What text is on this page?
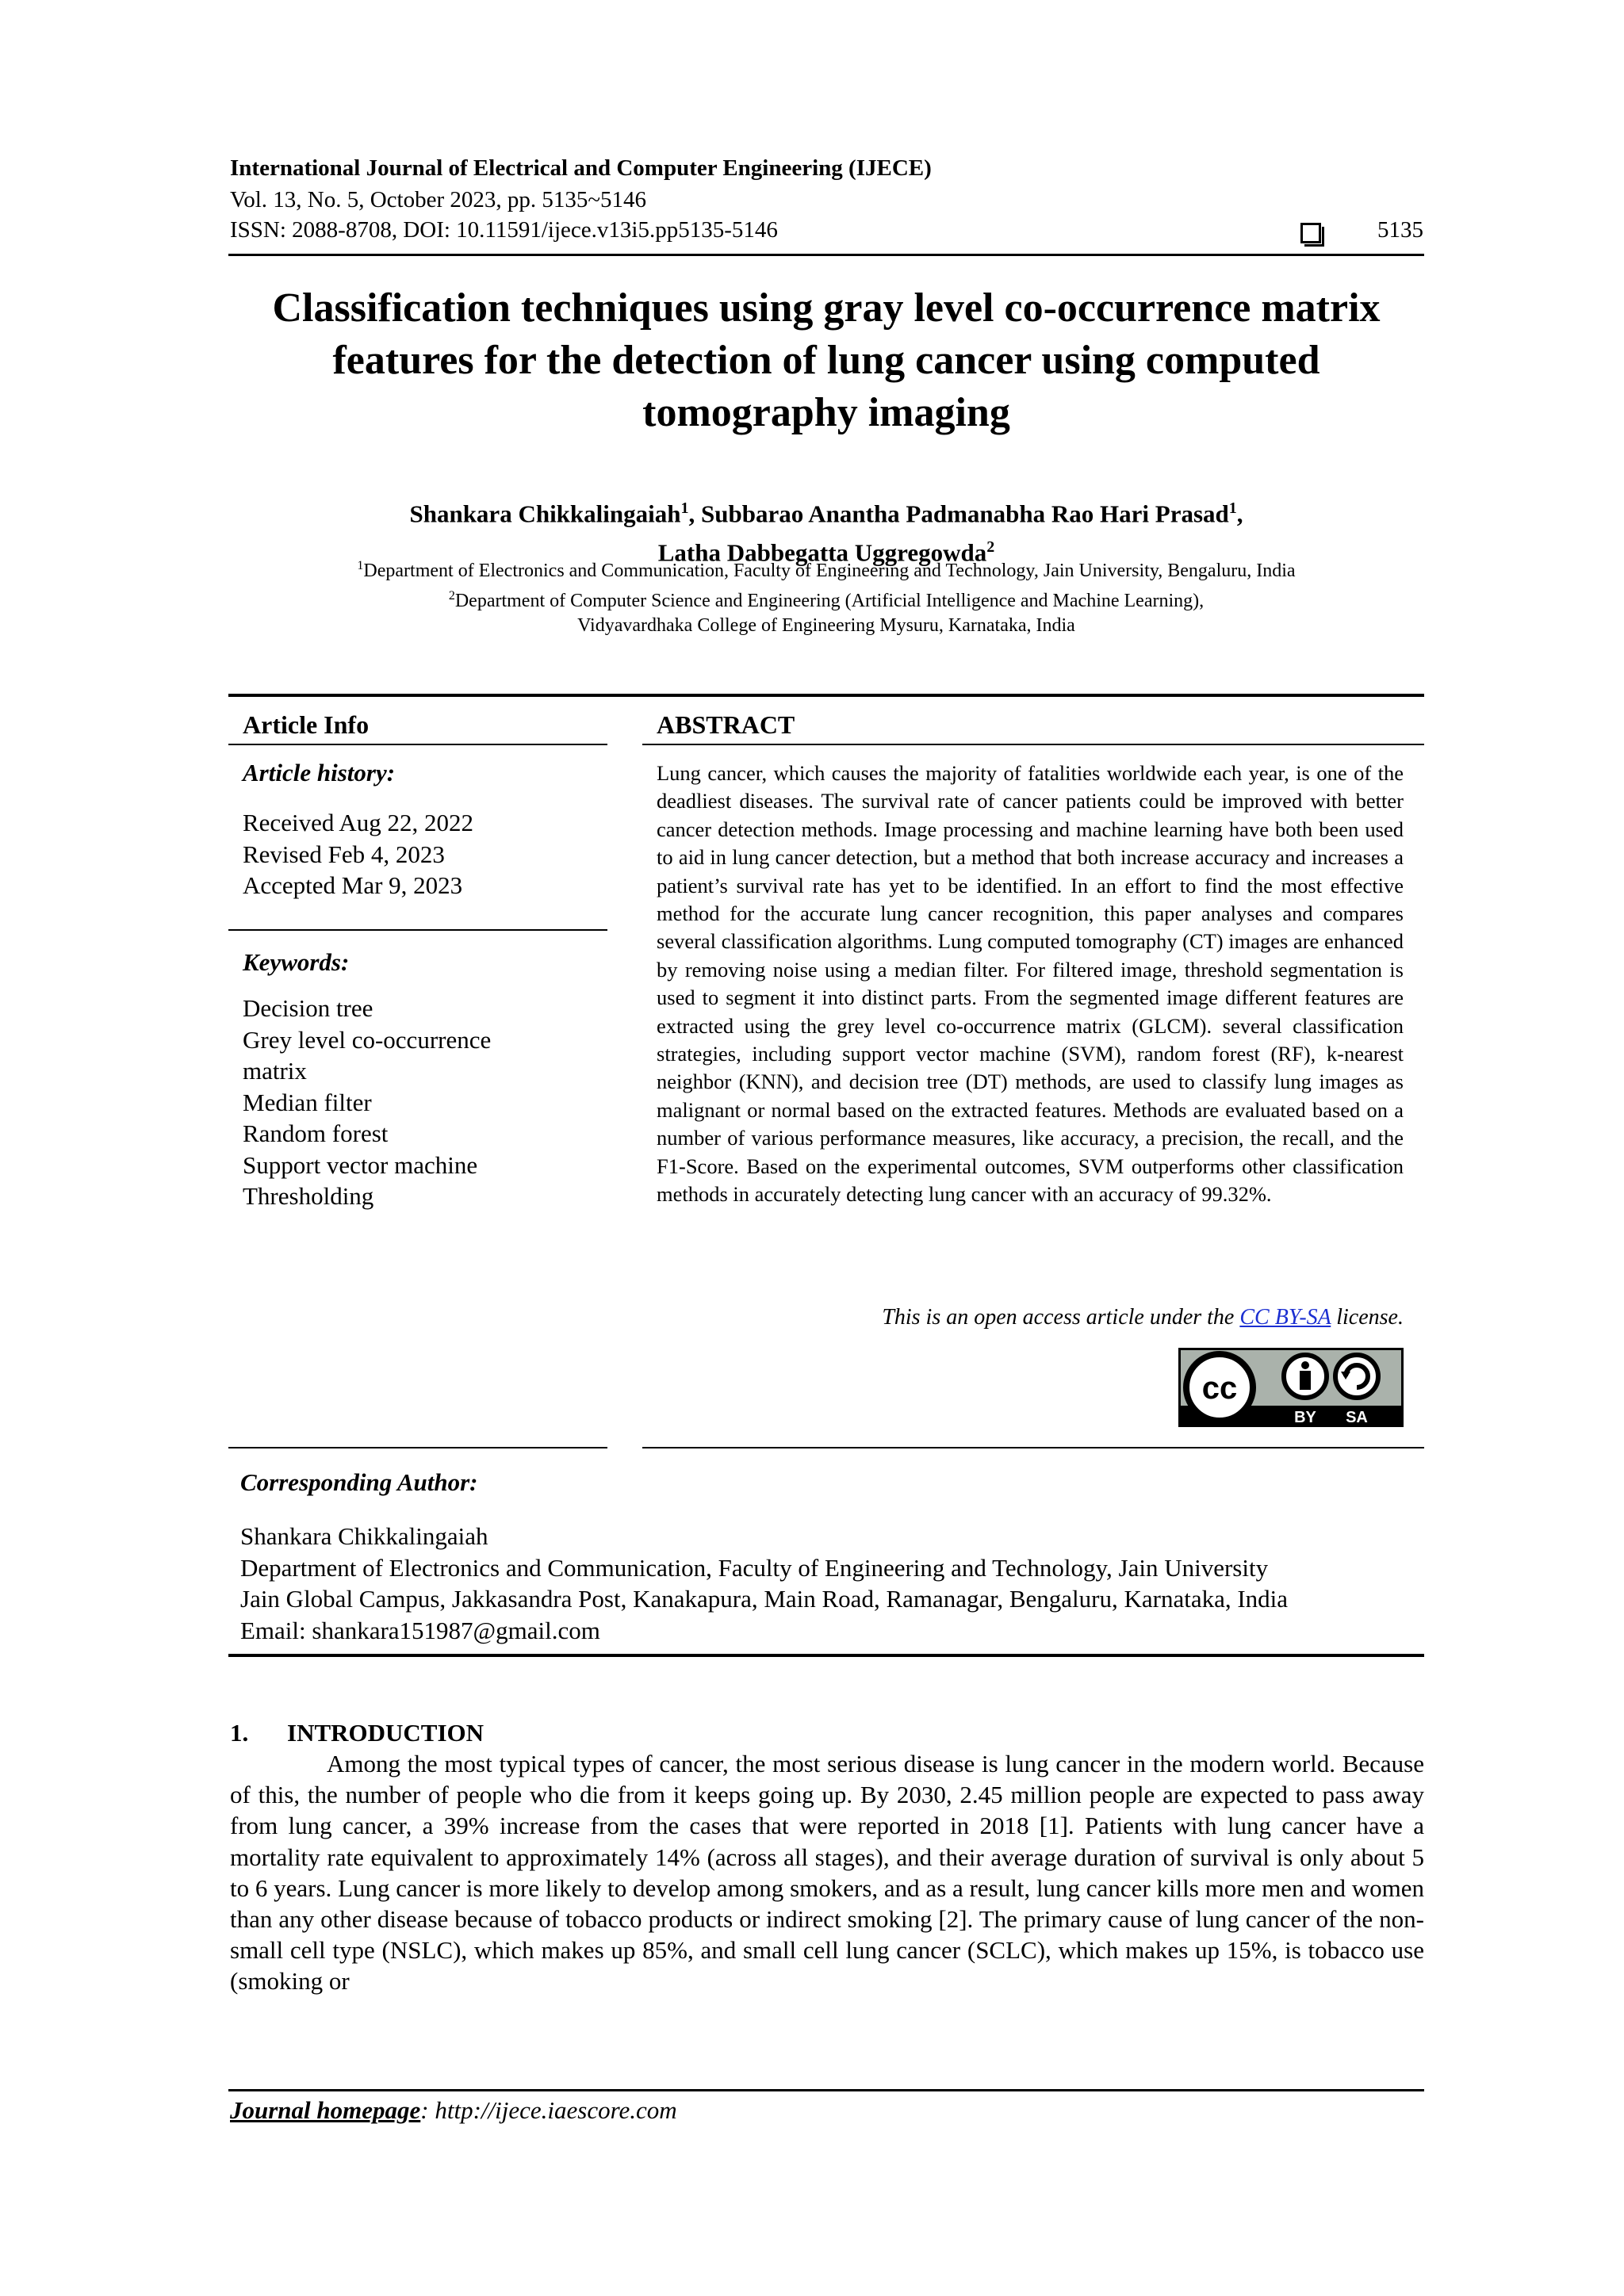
International Journal of Electrical and Computer Engineering (IJECE)
Vol. 13, No. 5, October 2023, pp. 5135~5146
ISSN: 2088-8708, DOI: 10.11591/ijece.v13i5.pp5135-5146	5135
Classification techniques using gray level co-occurrence matrix
features for the detection of lung cancer using computed
tomography imaging
Shankara Chikkalingaiah$^1$, Subbarao Anantha Padmanabha Rao Hari Prasad$^1$,
Latha Dabbegatta Uggregowda$^2$
$^1$Department of Electronics and Communication, Faculty of Engineering and Technology, Jain University, Bengaluru, India
$^2$Department of Computer Science and Engineering (Artificial Intelligence and Machine Learning),
Vidyavardhaka College of Engineering Mysuru, Karnataka, India
Article Info
Article history:
Received Aug 22, 2022
Revised Feb 4, 2023
Accepted Mar 9, 2023
Keywords:
Decision tree
Grey level co-occurrence
matrix
Median filter
Random forest
Support vector machine
Thresholding
ABSTRACT
Lung cancer, which causes the majority of fatalities worldwide each year, is one of the deadliest diseases. The survival rate of cancer patients could be improved with better cancer detection methods. Image processing and machine learning have both been used to aid in lung cancer detection, but a method that both increase accuracy and increases a patient’s survival rate has yet to be identified. In an effort to find the most effective method for the accurate lung cancer recognition, this paper analyses and compares several classification algorithms. Lung computed tomography (CT) images are enhanced by removing noise using a median filter. For filtered image, threshold segmentation is used to segment it into distinct parts. From the segmented image different features are extracted using the grey level co-occurrence matrix (GLCM). several classification strategies, including support vector machine (SVM), random forest (RF), k-nearest neighbor (KNN), and decision tree (DT) methods, are used to classify lung images as malignant or normal based on the extracted features. Methods are evaluated based on a number of various performance measures, like accuracy, a precision, the recall, and the F1-Score. Based on the experimental outcomes, SVM outperforms other classification methods in accurately detecting lung cancer with an accuracy of 99.32%.
This is an open access article under the CC BY-SA license.
cc
BY SA
Corresponding Author:
Shankara Chikkalingaiah
Department of Electronics and Communication, Faculty of Engineering and Technology, Jain University
Jain Global Campus, Jakkasandra Post, Kanakapura, Main Road, Ramanagar, Bengaluru, Karnataka, India
Email: shankara151987@gmail.com
1. INTRODUCTION
Among the most typical types of cancer, the most serious disease is lung cancer in the modern world. Because of this, the number of people who die from it keeps going up. By 2030, 2.45 million people are expected to pass away from lung cancer, a 39% increase from the cases that were reported in 2018 [1]. Patients with lung cancer have a mortality rate equivalent to approximately 14% (across all stages), and their average duration of survival is only about 5 to 6 years. Lung cancer is more likely to develop among smokers, and as a result, lung cancer kills more men and women than any other disease because of tobacco products or indirect smoking [2]. The primary cause of lung cancer of the non-small cell type (NSLC), which makes up 85%, and small cell lung cancer (SCLC), which makes up 15%, is tobacco use (smoking or
Journal homepage: http://ijece.iaescore.com
